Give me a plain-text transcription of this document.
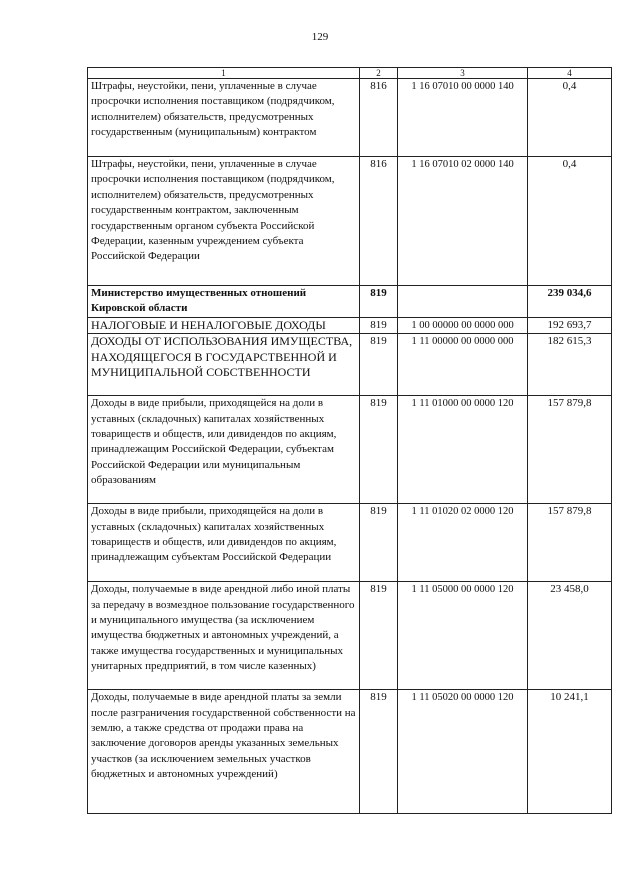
129
1	2	3	4
Штрафы, неустойки, пени, уплаченные в случае просрочки исполнения поставщиком (подрядчиком, исполнителем) обязательств, предусмотренных государственным (муниципальным) контрактом	816	1 16 07010 00 0000 140	0,4
Штрафы, неустойки, пени, уплаченные в случае просрочки исполнения поставщиком (подрядчиком, исполнителем) обязательств, предусмотренных государственным контрактом, заключенным государственным органом субъекта Российской Федерации, казенным учреждением субъекта Российской Федерации	816	1 16 07010 02 0000 140	0,4
Министерство имущественных отношений Кировской области	819		239 034,6
НАЛОГОВЫЕ И НЕНАЛОГОВЫЕ ДОХОДЫ	819	1 00 00000 00 0000 000	192 693,7
ДОХОДЫ ОТ ИСПОЛЬЗОВАНИЯ ИМУЩЕСТВА, НАХОДЯЩЕГОСЯ В ГОСУДАРСТВЕННОЙ И МУНИЦИПАЛЬНОЙ СОБСТВЕННОСТИ	819	1 11 00000 00 0000 000	182 615,3
Доходы в виде прибыли, приходящейся на доли в уставных (складочных) капиталах хозяйственных товариществ и обществ, или дивидендов по акциям, принадлежащим Российской Федерации, субъектам Российской Федерации или муниципальным образованиям	819	1 11 01000 00 0000 120	157 879,8
Доходы в виде прибыли, приходящейся на доли в уставных (складочных) капиталах хозяйственных товариществ и обществ, или дивидендов по акциям, принадлежащим субъектам Российской Федерации	819	1 11 01020 02 0000 120	157 879,8
Доходы, получаемые в виде арендной либо иной платы за передачу в возмездное пользование государственного и муниципального имущества (за исключением имущества бюджетных и автономных учреждений, а также имущества государственных и муниципальных унитарных предприятий, в том числе казенных)	819	1 11 05000 00 0000 120	23 458,0
Доходы, получаемые в виде арендной платы за земли после разграничения государственной собственности на землю, а также средства от продажи права на заключение договоров аренды указанных земельных участков (за исключением земельных участков бюджетных и автономных учреждений)	819	1 11 05020 00 0000 120	10 241,1
